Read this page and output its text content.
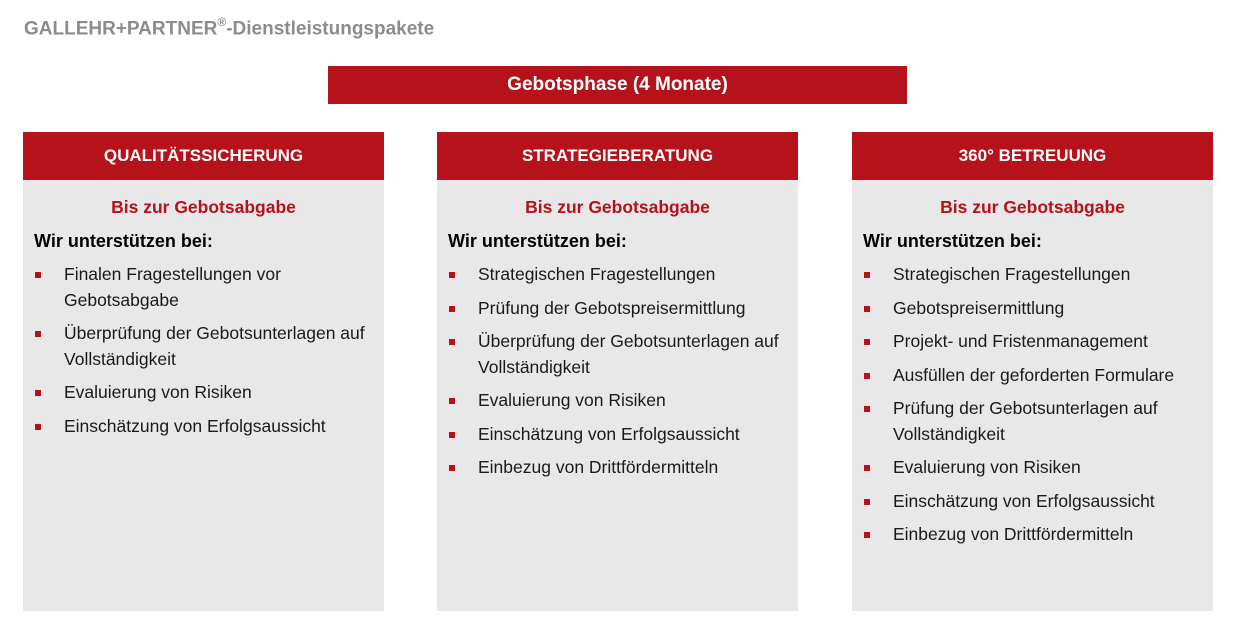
GALLEHR+PARTNER®-Dienstleistungspakete
Gebotsphase (4 Monate)
QUALITÄTSSICHERUNG
Bis zur Gebotsabgabe
Wir unterstützen bei:
Finalen Fragestellungen vor Gebotsabgabe
Überprüfung der Gebotsunterlagen auf Vollständigkeit
Evaluierung von Risiken
Einschätzung von Erfolgsaussicht
STRATEGIEBERATUNG
Bis zur Gebotsabgabe
Wir unterstützen bei:
Strategischen Fragestellungen
Prüfung der Gebotspreisermittlung
Überprüfung der Gebotsunterlagen auf Vollständigkeit
Evaluierung von Risiken
Einschätzung von Erfolgsaussicht
Einbezug von Drittfördermitteln
360° BETREUUNG
Bis zur Gebotsabgabe
Wir unterstützen bei:
Strategischen Fragestellungen
Gebotspreisermittlung
Projekt- und Fristenmanagement
Ausfüllen der geforderten Formulare
Prüfung der Gebotsunterlagen auf Vollständigkeit
Evaluierung von Risiken
Einschätzung von Erfolgsaussicht
Einbezug von Drittfördermitteln
